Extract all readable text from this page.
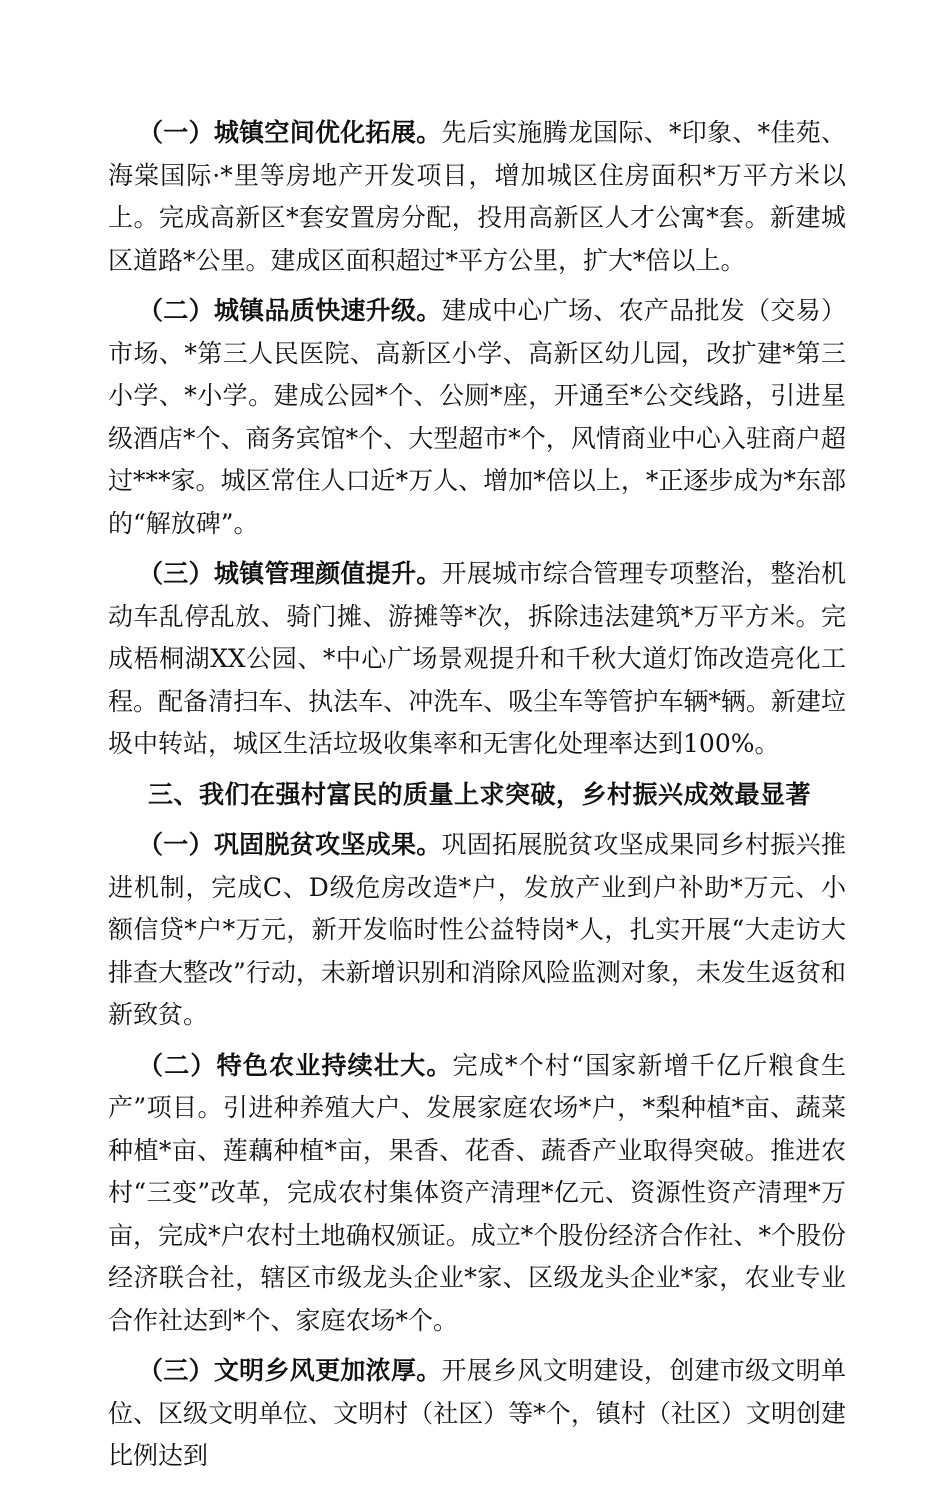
（一）城镇空间优化拓展。先后实施腾龙国际、*印象、*佳苑、海棠国际·*里等房地产开发项目，增加城区住房面积*万平方米以上。完成高新区*套安置房分配，投用高新区人才公寓*套。新建城区道路*公里。建成区面积超过*平方公里，扩大*倍以上。

（二）城镇品质快速升级。建成中心广场、农产品批发（交易）市场、*第三人民医院、高新区小学、高新区幼儿园，改扩建*第三小学、*小学。建成公园*个、公厕*座，开通至*公交线路，引进星级酒店*个、商务宾馆*个、大型超市*个，风情商业中心入驻商户超过***家。城区常住人口近*万人、增加*倍以上，*正逐步成为*东部的“解放碑”。

（三）城镇管理颜值提升。开展城市综合管理专项整治，整治机动车乱停乱放、骑门摊、游摊等*次，拆除违法建筑*万平方米。完成梧桐湖XX公园、*中心广场景观提升和千秋大道灯饰改造亮化工程。配备清扫车、执法车、冲洗车、吸尘车等管护车辆*辆。新建垃圾中转站，城区生活垃圾收集率和无害化处理率达到100%。

三、我们在强村富民的质量上求突破，乡村振兴成效最显著

（一）巩固脱贫攻坚成果。巩固拓展脱贫攻坚成果同乡村振兴推进机制，完成C、D级危房改造*户，发放产业到户补助*万元、小额信贷*户*万元，新开发临时性公益特岗*人，扎实开展“大走访大排查大整改”行动，未新增识别和消除风险监测对象，未发生返贫和新致贫。

（二）特色农业持续壮大。完成*个村“国家新增千亿斤粮食生产”项目。引进种养殖大户、发展家庭农场*户，*梨种植*亩、蔬菜种植*亩、莲藕种植*亩，果香、花香、蔬香产业取得突破。推进农村“三变”改革，完成农村集体资产清理*亿元、资源性资产清理*万亩，完成*户农村土地确权颁证。成立*个股份经济合作社、*个股份经济联合社，辖区市级龙头企业*家、区级龙头企业*家，农业专业合作社达到*个、家庭农场*个。

（三）文明乡风更加浓厚。开展乡风文明建设，创建市级文明单位、区级文明单位、文明村（社区）等*个，镇村（社区）文明创建比例达到
